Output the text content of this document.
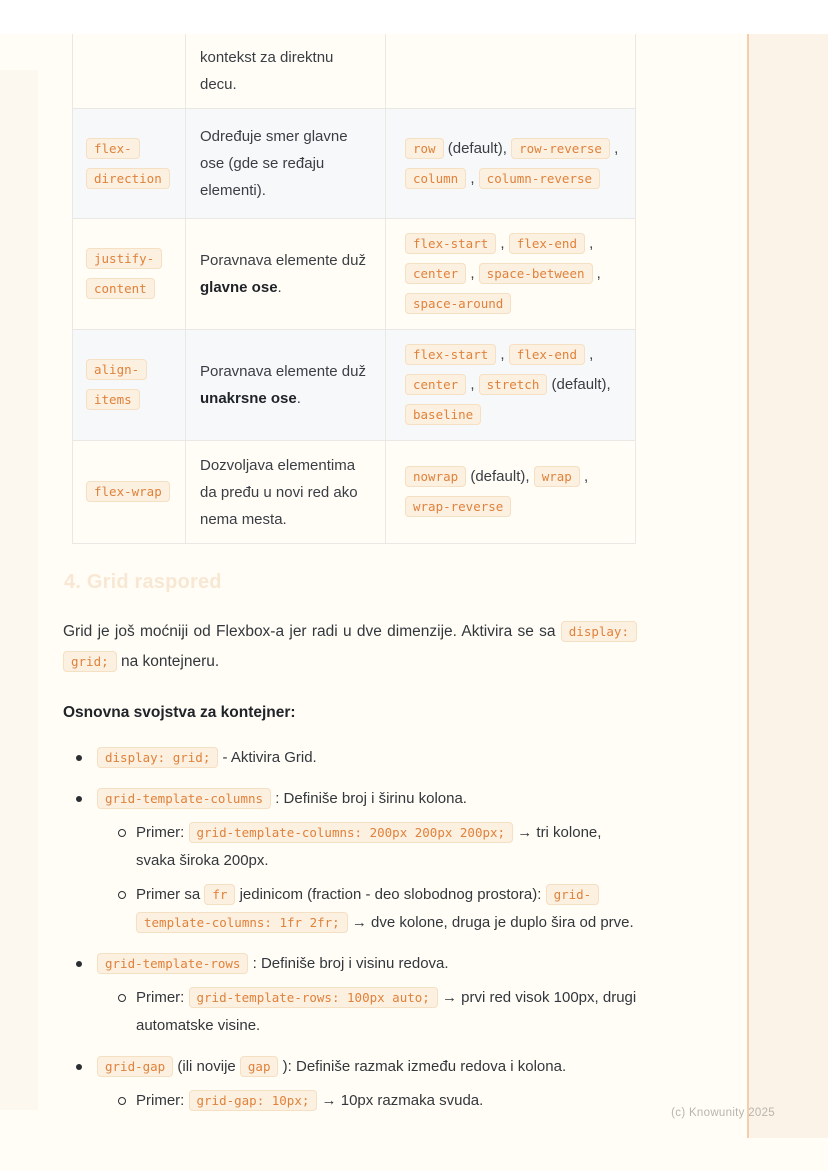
	kontekst za direktnu decu.	
flex-direction	Određuje smer glavne ose (gde se ređaju elementi).	row (default), row-reverse , column , column-reverse
justify-content	Poravnava elemente duž glavne ose.	flex-start , flex-end , center , space-between , space-around
align-items	Poravnava elemente duž unakrsne ose.	flex-start , flex-end , center , stretch (default), baseline
flex-wrap	Dozvoljava elementima da pređu u novi red ako nema mesta.	nowrap (default), wrap , wrap-reverse
4. Grid raspored

Grid je još moćniji od Flexbox-a jer radi u dve dimenzije. Aktivira se sa display: grid; na kontejneru.

Osnovna svojstva za kontejner:

display: grid; - Aktivira Grid.
grid-template-columns : Definiše broj i širinu kolona.
Primer: grid-template-columns: 200px 200px 200px; → tri kolone, svaka široka 200px.
Primer sa fr jedinicom (fraction - deo slobodnog prostora): grid-template-columns: 1fr 2fr; → dve kolone, druga je duplo šira od prve.
grid-template-rows : Definiše broj i visinu redova.
Primer: grid-template-rows: 100px auto; → prvi red visok 100px, drugi automatske visine.
grid-gap (ili novije gap ): Definiše razmak između redova i kolona.
Primer: grid-gap: 10px; → 10px razmaka svuda.
(c) Knowunity 2025
